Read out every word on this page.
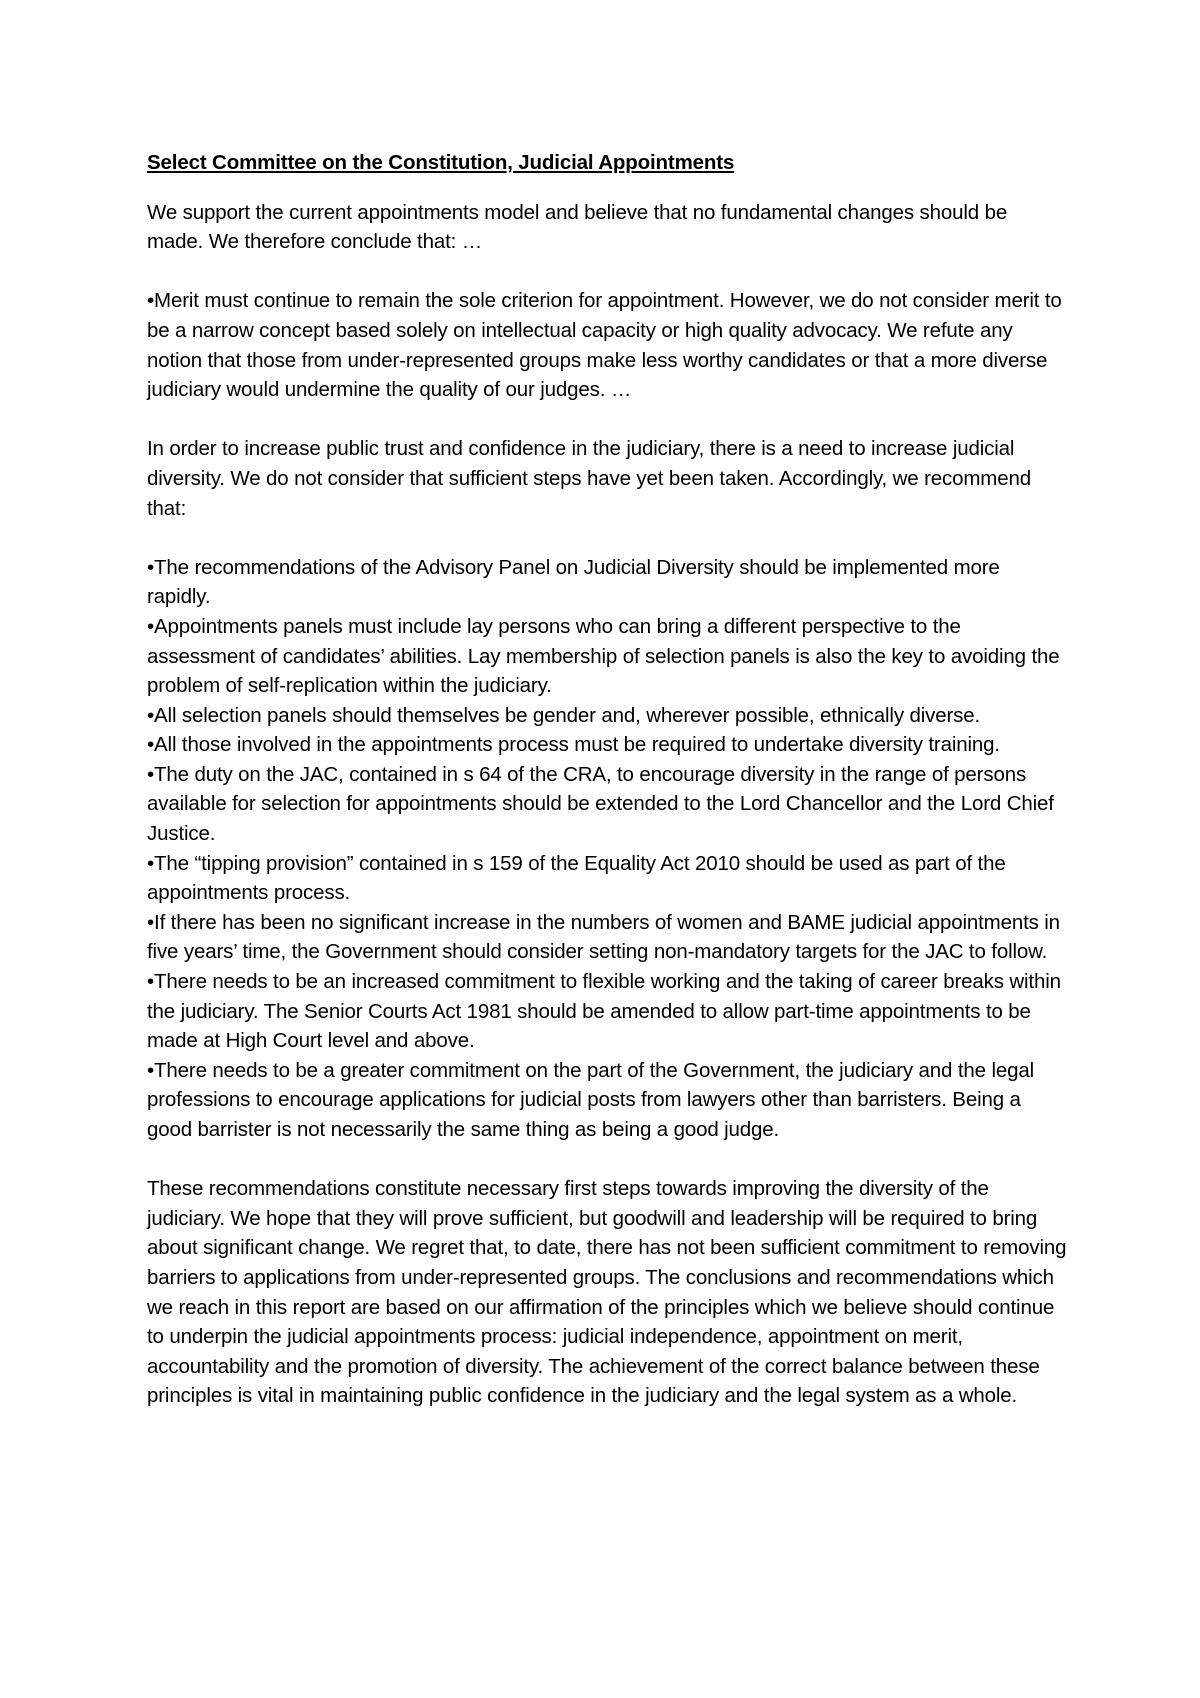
Select Committee on the Constitution, Judicial Appointments

We support the current appointments model and believe that no fundamental changes should be made. We therefore conclude that: …

•Merit must continue to remain the sole criterion for appointment. However, we do not consider merit to be a narrow concept based solely on intellectual capacity or high quality advocacy. We refute any notion that those from under-represented groups make less worthy candidates or that a more diverse judiciary would undermine the quality of our judges. …

In order to increase public trust and confidence in the judiciary, there is a need to increase judicial diversity. We do not consider that sufficient steps have yet been taken. Accordingly, we recommend that:

•The recommendations of the Advisory Panel on Judicial Diversity should be implemented more rapidly.

•Appointments panels must include lay persons who can bring a different perspective to the assessment of candidates’ abilities. Lay membership of selection panels is also the key to avoiding the problem of self-replication within the judiciary.

•All selection panels should themselves be gender and, wherever possible, ethnically diverse.

•All those involved in the appointments process must be required to undertake diversity training.

•The duty on the JAC, contained in s 64 of the CRA, to encourage diversity in the range of persons available for selection for appointments should be extended to the Lord Chancellor and the Lord Chief Justice.

•The “tipping provision” contained in s 159 of the Equality Act 2010 should be used as part of the appointments process.

•If there has been no significant increase in the numbers of women and BAME judicial appointments in five years’ time, the Government should consider setting non-mandatory targets for the JAC to follow.

•There needs to be an increased commitment to flexible working and the taking of career breaks within the judiciary. The Senior Courts Act 1981 should be amended to allow part-time appointments to be made at High Court level and above.

•There needs to be a greater commitment on the part of the Government, the judiciary and the legal professions to encourage applications for judicial posts from lawyers other than barristers. Being a good barrister is not necessarily the same thing as being a good judge.

These recommendations constitute necessary first steps towards improving the diversity of the judiciary. We hope that they will prove sufficient, but goodwill and leadership will be required to bring about significant change. We regret that, to date, there has not been sufficient commitment to removing barriers to applications from under-represented groups. The conclusions and recommendations which we reach in this report are based on our affirmation of the principles which we believe should continue to underpin the judicial appointments process: judicial independence, appointment on merit, accountability and the promotion of diversity. The achievement of the correct balance between these principles is vital in maintaining public confidence in the judiciary and the legal system as a whole.
